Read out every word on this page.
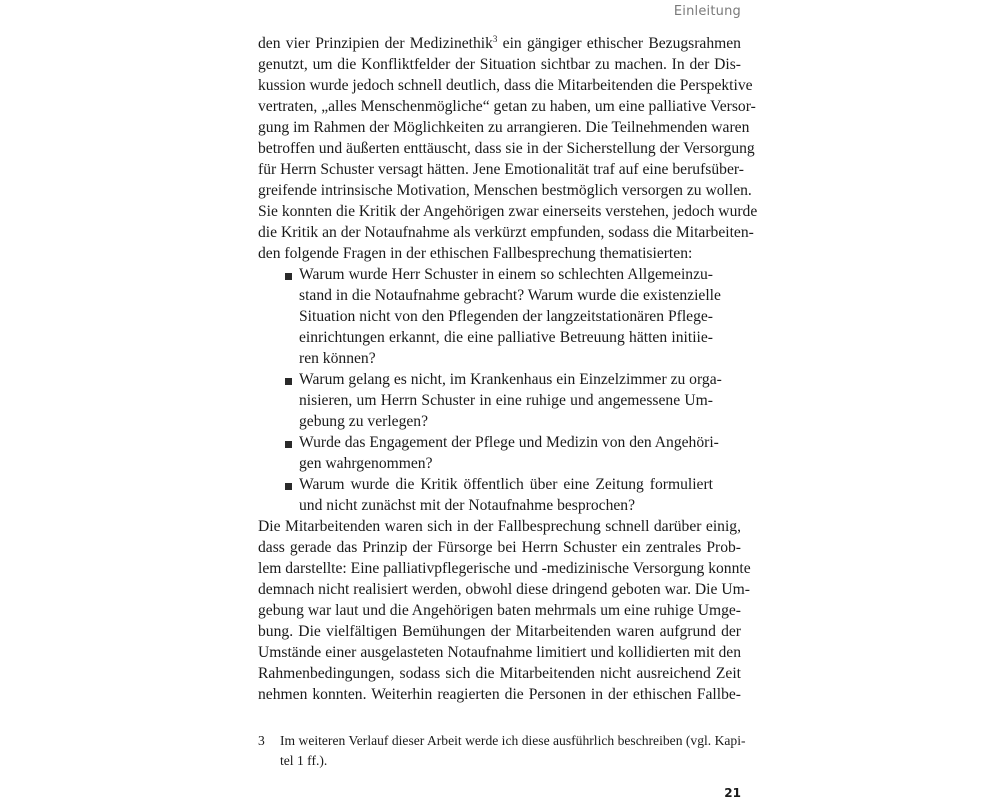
Einleitung
den vier Prinzipien der Medizinethik$^3$ ein gängiger ethischer Bezugsrahmen
genutzt, um die Konfliktfelder der Situation sichtbar zu machen. In der Dis-
kussion wurde jedoch schnell deutlich, dass die Mitarbeitenden die Perspektive
vertraten, „alles Menschenmögliche“ getan zu haben, um eine palliative Versor-
gung im Rahmen der Möglichkeiten zu arrangieren. Die Teilnehmenden waren
betroffen und äußerten enttäuscht, dass sie in der Sicherstellung der Versorgung
für Herrn Schuster versagt hätten. Jene Emotionalität traf auf eine berufsüber-
greifende intrinsische Motivation, Menschen bestmöglich versorgen zu wollen.
Sie konnten die Kritik der Angehörigen zwar einerseits verstehen, jedoch wurde
die Kritik an der Notaufnahme als verkürzt empfunden, sodass die Mitarbeiten-
den folgende Fragen in der ethischen Fallbesprechung thematisierten:
Warum wurde Herr Schuster in einem so schlechten Allgemeinzu-
stand in die Notaufnahme gebracht? Warum wurde die existenzielle
Situation nicht von den Pflegenden der langzeitstationären Pflege-
einrichtungen erkannt, die eine palliative Betreuung hätten initiie-
ren können?
Warum gelang es nicht, im Krankenhaus ein Einzelzimmer zu orga-
nisieren, um Herrn Schuster in eine ruhige und angemessene Um-
gebung zu verlegen?
Wurde das Engagement der Pflege und Medizin von den Angehöri-
gen wahrgenommen?
Warum wurde die Kritik öffentlich über eine Zeitung formuliert
und nicht zunächst mit der Notaufnahme besprochen?
Die Mitarbeitenden waren sich in der Fallbesprechung schnell darüber einig,
dass gerade das Prinzip der Fürsorge bei Herrn Schuster ein zentrales Prob-
lem darstellte: Eine palliativpflegerische und -medizinische Versorgung konnte
demnach nicht realisiert werden, obwohl diese dringend geboten war. Die Um-
gebung war laut und die Angehörigen baten mehrmals um eine ruhige Umge-
bung. Die vielfältigen Bemühungen der Mitarbeitenden waren aufgrund der
Umstände einer ausgelasteten Notaufnahme limitiert und kollidierten mit den
Rahmenbedingungen, sodass sich die Mitarbeitenden nicht ausreichend Zeit
nehmen konnten. Weiterhin reagierten die Personen in der ethischen Fallbe-
3 Im weiteren Verlauf dieser Arbeit werde ich diese ausführlich beschreiben (vgl. Kapi-
tel 1 ff.).
21
